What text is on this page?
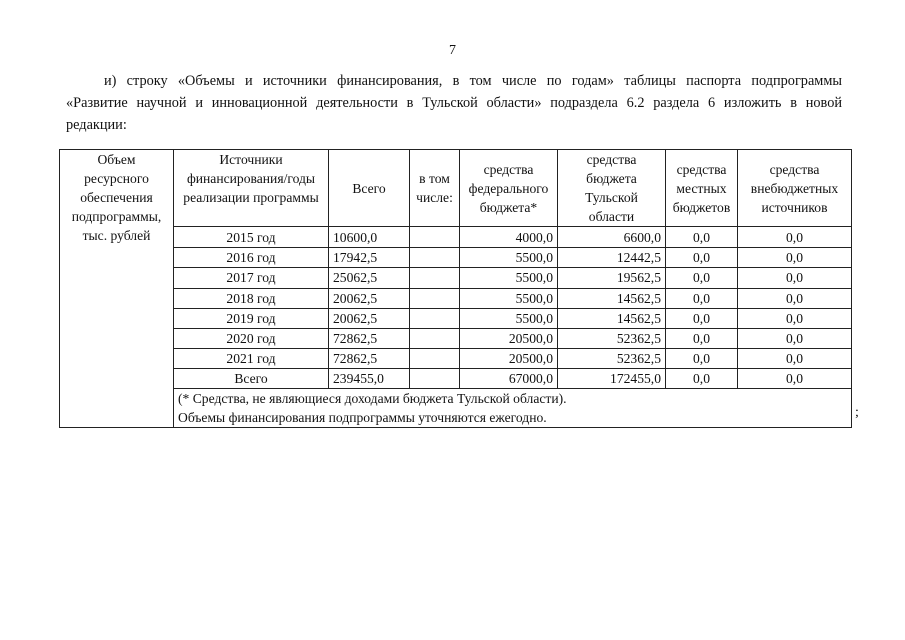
7
и) строку «Объемы и источники финансирования, в том числе по годам» таблицы паспорта подпрограммы
«Развитие научной и инновационной деятельности в Тульской области» подраздела 6.2 раздела 6 изложить в новой
редакции:
Объем ресурсного обеспечения подпрограммы, тыс. рублей	Источники финансирования/годы реализации программы	Всего	в том числе:	средства федерального бюджета*	средства бюджета Тульской области	средства местных бюджетов	средства внебюджетных источников
	2015 год	10600,0		4000,0	6600,0	0,0	0,0
	2016 год	17942,5		5500,0	12442,5	0,0	0,0
	2017 год	25062,5		5500,0	19562,5	0,0	0,0
	2018 год	20062,5		5500,0	14562,5	0,0	0,0
	2019 год	20062,5		5500,0	14562,5	0,0	0,0
	2020 год	72862,5		20500,0	52362,5	0,0	0,0
	2021 год	72862,5		20500,0	52362,5	0,0	0,0
	Всего	239455,0		67000,0	172455,0	0,0	0,0

	(* Средства, не являющиеся доходами бюджета Тульской области).
Объемы финансирования подпрограммы уточняются ежегодно.							;
